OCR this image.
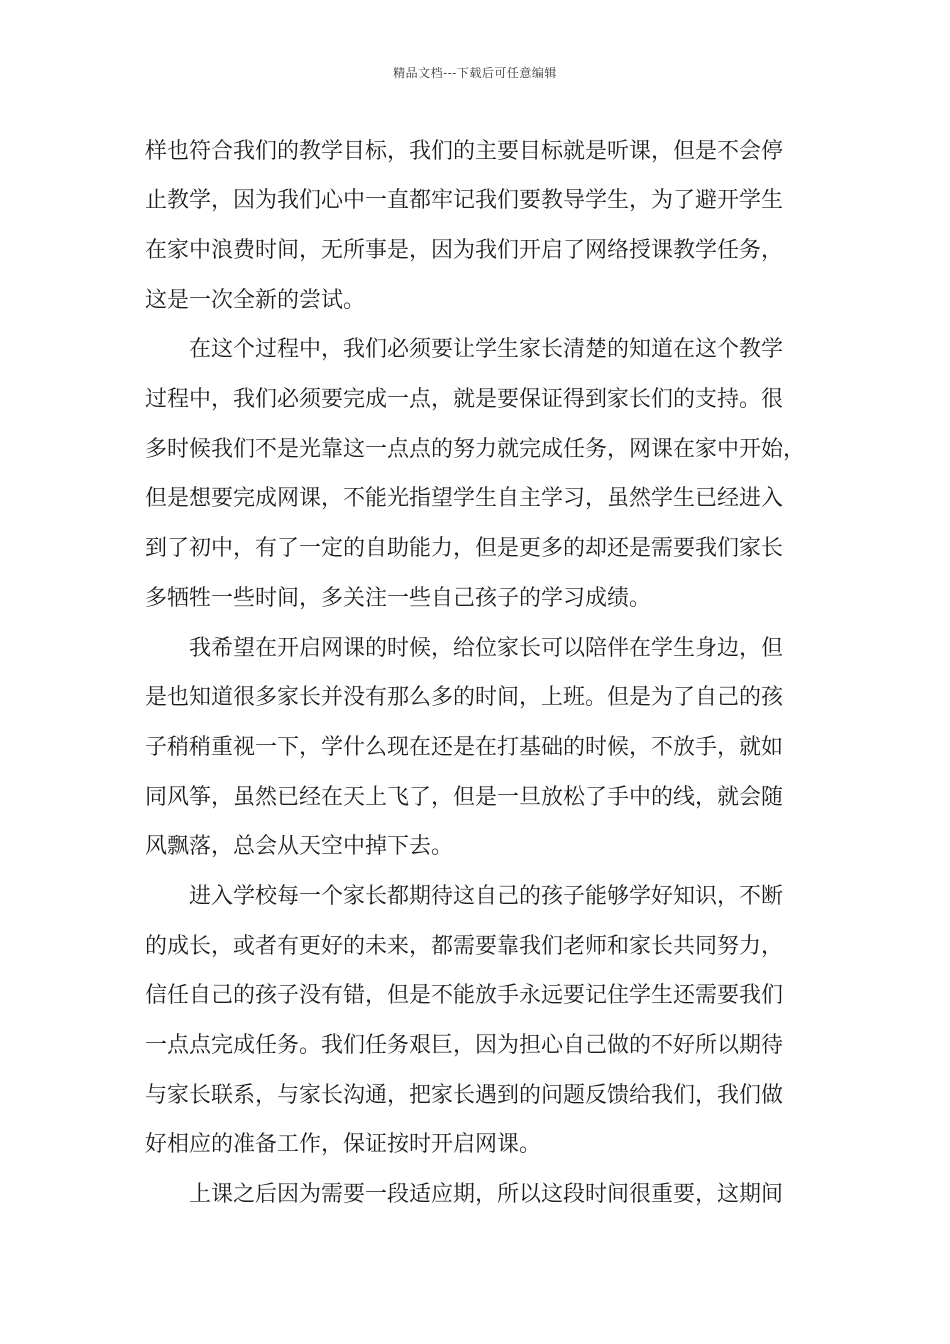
精品文档---下载后可任意编辑
样也符合我们的教学目标，我们的主要目标就是听课，但是不会停
止教学，因为我们心中一直都牢记我们要教导学生，为了避开学生
在家中浪费时间，无所事是，因为我们开启了网络授课教学任务，
这是一次全新的尝试。
在这个过程中，我们必须要让学生家长清楚的知道在这个教学
过程中，我们必须要完成一点，就是要保证得到家长们的支持。很
多时候我们不是光靠这一点点的努力就完成任务，网课在家中开始，
但是想要完成网课，不能光指望学生自主学习，虽然学生已经进入
到了初中，有了一定的自助能力，但是更多的却还是需要我们家长
多牺牲一些时间，多关注一些自己孩子的学习成绩。
我希望在开启网课的时候，给位家长可以陪伴在学生身边，但
是也知道很多家长并没有那么多的时间，上班。但是为了自己的孩
子稍稍重视一下，学什么现在还是在打基础的时候，不放手，就如
同风筝，虽然已经在天上飞了，但是一旦放松了手中的线，就会随
风飘落，总会从天空中掉下去。
进入学校每一个家长都期待这自己的孩子能够学好知识，不断
的成长，或者有更好的未来，都需要靠我们老师和家长共同努力，
信任自己的孩子没有错，但是不能放手永远要记住学生还需要我们
一点点完成任务。我们任务艰巨，因为担心自己做的不好所以期待
与家长联系，与家长沟通，把家长遇到的问题反馈给我们，我们做
好相应的准备工作，保证按时开启网课。
上课之后因为需要一段适应期，所以这段时间很重要，这期间
